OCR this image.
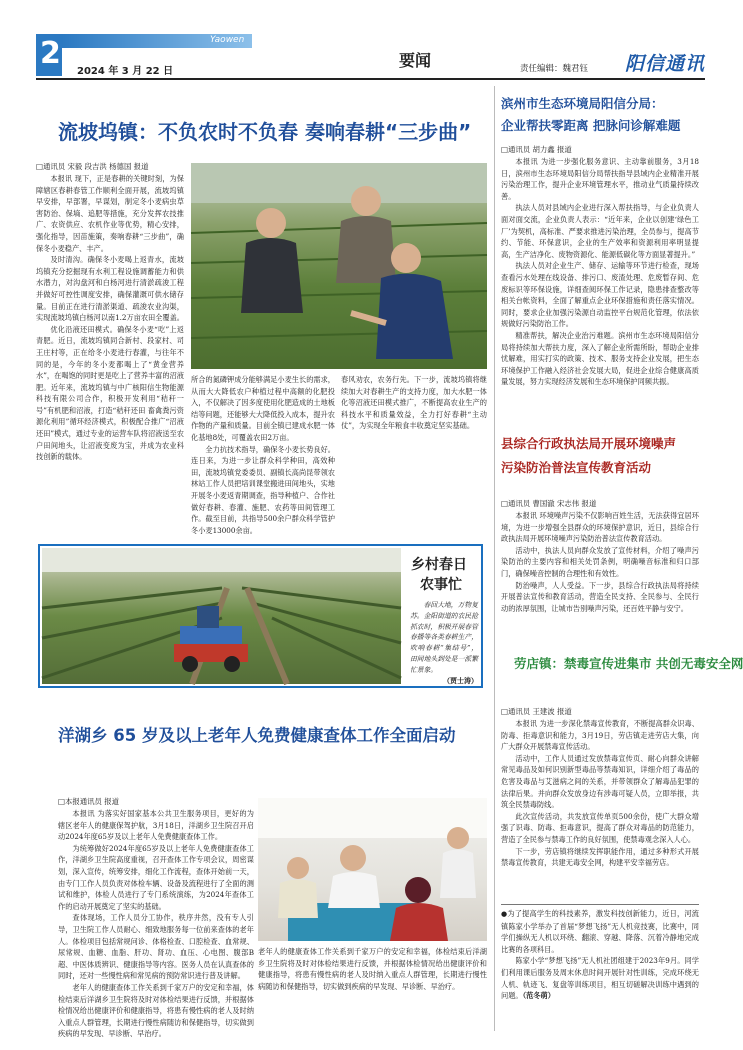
2	Yaowen
2024 年 3 月 22 日
要闻	责任编辑：魏君钰 阳信通讯
流坡坞镇：不负农时不负春 奏响春耕“三步曲”

□通讯员 宋毅 段吉洪 杨德国 报道

本报讯 现下，正是春耕的关键时刻，为保障辖区春耕春管工作顺利全面开展，流坡坞镇早安排，早部署，早谋划，制定冬小麦病虫草害防治、保墒、追肥等措施，充分发挥农技推广、农资供应、农机作业等优势，精心安排，强化指导，因苗施策，奏响春耕“三步曲”，确保冬小麦稳产、丰产。

及时清沟。确保冬小麦喝上返青水，流坡坞镇充分挖掘现有水利工程设施调蓄能力和供水潜力，对沟盘河和白杨河进行清淤疏浚工程并做好可控性调度安排，确保灌溉可供水储存量。目前正在进行清淤渠道、疏浚农业沟渠，实现流坡坞镇白杨河以南1.2万亩农田全覆盖。

优化沿液还田模式。确保冬小麦“吃”上返青肥。近日，流坡坞镇同合新村、段家村、司王庄村等，正在给冬小麦进行春灌，与往年不同的是，今年的冬小麦都喝上了“黄金营养水”，在喝饱的同时更是吃上了营养丰富的沼液肥。近年来，流坡坞镇与中广核阳信生物能源科技有限公司合作，积极开发利用“秸秆一号”有机肥和沼液，打造“秸秆还田 畜禽粪污资源化利用”循环经济模式，积极配合推广“沼液还田”模式，通过专业的运营车队将沼液送至农户田间地头，让沼液变废为宝，并成为农业科技创新的载体。

所合的氮磷钾成分能够满足小麦生长的需求，从而大大降低农户种植过程中高额的化肥投入，不仅解决了因多度使用化肥造成的土地板结等问题，还能够大大降低投入成本，提升农作物的产量和质量。目前全镇已建成水肥一体化基地8处，可覆盖农田2万亩。

全力抗技术指导，确保冬小麦长势良好。连日来，为进一步让群众科学种田，高效种田，流坡坞镇党委委员、副镇长高尚昆带领农林站工作人员把培训课堂搬进田间地头，实地开展冬小麦返青期调查，指导种植户、合作社做好春耕、春灌、施肥、农药等田间管理工作。截至目前，共指导500余户群众科学管护冬小麦13000余亩。

春风劝农，农务行先。下一步，流坡坞镇将继续加大对春耕生产的支持力度，加大水肥一体化等沼液还田模式推广，不断提高农业生产的科技水平和质量效益，全力打好春耕“主动仗”，为实现全年粮食丰收奠定坚实基础。

乡村春日
农事忙

春回大地，万物复苏。金阳街道的农民抢抓农时，积极开展春管春播等各类春耕生产，吹响春耕“集结号”，田间地头到处是一派繁忙景象。

（贾士涛）

洋湖乡 65 岁及以上老年人免费健康查体工作全面启动

□本报通讯员 报道

本报讯 为落实好国家基本公共卫生服务项目，更好的为辖区老年人的健康保驾护航，3月18日，洋湖乡卫生院召开启动2024年度65岁及以上老年人免费健康查体工作。

为统筹做好2024年度65岁及以上老年人免费健康查体工作，洋湖乡卫生院高度重视，召开查体工作专项会议，周密谋划，深入宣传，统筹安排，细化工作流程，查体开始前一天，由专门工作人员负责对体检车辆、设备及流程进行了全面的测试和维护，体检人员进行了专门系统演练，为2024年查体工作的启动开展奠定了坚实的基础。

查体现场，工作人员分工协作，秩序井然，没有专人引导，卫生院工作人员耐心、细致地服务每一位前来查体的老年人。体检项目包括常规问诊、体格检查、口腔检查、血常规、尿常规、血糖、血脂、肝功、肾功、血压、心电图、腹部B超、中医体质辨识、健康指导等内容。医务人员在认真查体的同时，还对一些慢性病和常见病的预防常识进行普及讲解。

老年人的健康查体工作关系到千家万户的安定和幸福，体检结束后洋湖乡卫生院将及时对体检结果进行反馈，并根据体检情况给出健康评价和健康指导，将患有慢性病的老人及时纳入重点人群管理，长期进行慢性病随访和保健指导，切实做到疾病的早发现、早诊断、早治疗。

老年人的健康查体工作关系到千家万户的安定和幸福，体检结束后洋湖乡卫生院将及时对体检结果进行反馈，并根据体检情况给出健康评价和健康指导，将患有慢性病的老人及时纳入重点人群管理，长期进行慢性病随访和保健指导，切实做到疾病的早发现、早诊断、早治疗。

滨州市生态环境局阳信分局：
企业帮扶零距离 把脉问诊解难题

□通讯员 胡力鑫 报道

本报讯 为进一步强化服务意识、主动靠前服务，3月18日，滨州市生态环境局阳信分局帮扶指导县域内企业精准开展污染治理工作，提升企业环境管理水平，推动业气质量持续改善。

执法人员对县域内企业进行深入帮扶指导，与企业负责人面对面交流，企业负责人表示：“近年来，企业以创建‘绿色工厂’为契机，高标准、严要求推进污染治理，全员参与，提高节约、节能、环保意识，企业的生产效率和资源利用率明显提高，生产洁净化、废物资源化、能源低碳化等方面显著提升。”

执法人员对企业生产、储存、运输等环节进行检查，现场查看污水处理在线设备、排污口、废渣处理、危废暂存间、危废标识等环保设施，详细查阅环保工作记录，隐患排查整改等相关台帐资料，全面了解重点企业环保措施和责任落实情况。同时，要求企业加强污染源自动监控平台规范化管理，依法依规做好污染防治工作。

精准帮扶，解决企业治污难题。滨州市生态环境局阳信分局将持续加大帮扶力度，深入了解企业所需所盼，帮助企业排忧解难，用实打实的政策、技术、服务支持企业发展，把生态环境保护工作融入经济社会发展大局，促进企业综合健康高质量发展，努力实现经济发展和生态环境保护同频共振。

县综合行政执法局开展环境噪声
污染防治普法宣传教育活动

□通讯员 曹国澈 宋志伟 报道

本报讯 环境噪声污染不仅影响百姓生活，无法获得宜居环境，为进一步增强全县群众的环境保护意识，近日，县综合行政执法局开展环境噪声污染防治普法宣传教育活动。

活动中，执法人员向群众发放了宣传材料，介绍了噪声污染防治的主要内容和相关处罚条例，明确噪音标准和归口部门，确保噪音控制的合理性和有效性。

防治噪声，人人受益。下一步，县综合行政执法局将持续开展普法宣传和教育活动，营造全民支持、全民参与、全民行动的浓厚氛围，让城市告别噪声污染，还百姓平静与安宁。

劳店镇：禁毒宣传进集市 共创无毒安全网

□通讯员 王建波 报道

本报讯 为进一步深化禁毒宣传教育，不断提高群众识毒、防毒、拒毒意识和能力，3月19日，劳店镇走进劳店大集，向广大群众开展禁毒宣传活动。

活动中，工作人员通过发放禁毒宣传页、耐心向群众讲解常见毒品及如何识别新型毒品等禁毒知识，详细介绍了毒品的危害及毒品与艾滋病之间的关系，并带领群众了解毒品犯罪的法律后果。并向群众发放身边有涉毒可疑人员，立即举报，共筑全民禁毒防线。

此次宣传活动，共发放宣传单页500余份，使广大群众增强了识毒、防毒、拒毒意识，提高了群众对毒品的防范能力，营造了全民参与禁毒工作的良好氛围，使禁毒观念深入人心。

下一步，劳店镇将继续发挥职能作用，通过多种形式开展禁毒宣传教育，共建无毒安全网，构建平安幸福劳店。

●为了提高学生的科技素养，激发科技创新能力，近日，河流镇陈家小学举办了首届“梦想飞扬”无人机竞技赛，比赛中，同学们操纵无人机以环绕、翻滚、穿越、降落、沉着冷静地完成比赛的各项科目。

陈家小学“梦想飞扬”无人机社团组建于2023年9月。同学们利用课后服务及周末休息时间开展针对性训练，完成环绕无人机、轨迹飞、复盘等训练项目，相互切磋解决训练中遇到的问题。（范冬萌）
